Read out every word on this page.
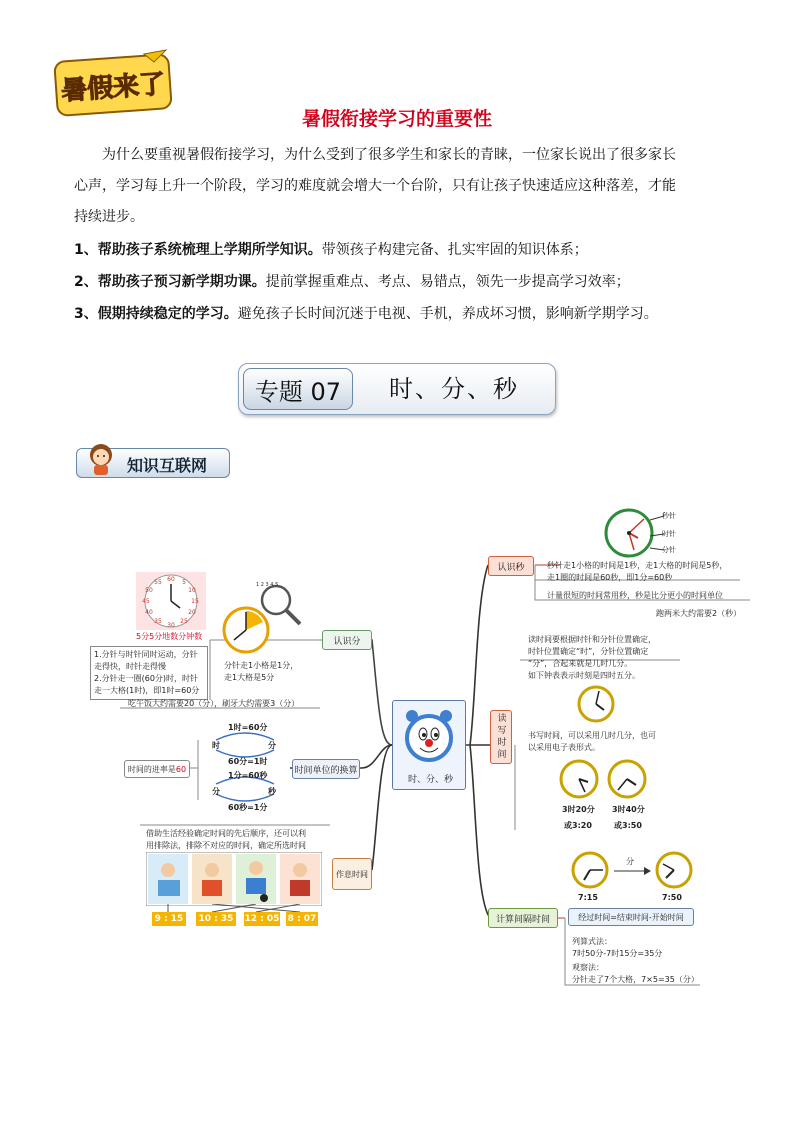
暑假来了
暑假衔接学习的重要性
为什么要重视暑假衔接学习，为什么受到了很多学生和家长的青睐，一位家长说出了很多家长
心声，学习每上升一个阶段，学习的难度就会增大一个台阶，只有让孩子快速适应这种落差，才能
持续进步。
1、帮助孩子系统梳理上学期所学知识。带领孩子构建完备、扎实牢固的知识体系；
2、帮助孩子预习新学期功课。提前掌握重难点、考点、易错点，领先一步提高学习效率；
3、假期持续稳定的学习。避免孩子长时间沉迷于电视、手机，养成坏习惯，影响新学期学习。
专题 07	时、分、秒
知识互联网
时、分、秒
认识分
60 5
10
15
20
25
30
35
40
45
50
55
5分5分地数分钟数
1 2 3 4 5
1.分针与时针同时运动，分针
走得快，时针走得慢
2.分针走一圈(60分)时，时针
走一大格(1时)，即1时=60分
分针走1小格是1分，
走1大格是5分
吃午饭大约需要20（分），刷牙大约需要3（分）
时间单位的换算
时间的进率是 60
1时=60分
时	分
60分=1时
1分=60秒
分	秒
60秒=1分
作息时间
借助生活经验确定时间的先后顺序，还可以利
用排除法，排除不对应的时间，确定所选时间
9 : 15 10 : 35 12 : 05 8 : 07
认识秒
秒针
时针
分针
秒针走1小格的时间是1秒，走1大格的时间是5秒，
走1圈的时间是60秒，即1分=60秒
计量很短的时间常用秒，秒是比分更小的时间单位
跑两米大约需要2（秒）
读写时间
读时间要根据时针和分针位置确定，
时针位置确定“时”，分针位置确定
“分”，合起来就是几时几分。
如下钟表表示时刻是四时五分。
书写时间，可以采用几时几分，也可
以采用电子表形式。
3时20分 3时40分
或3:20	或3:50
计算间隔时间
分
7:15	7:50
经过时间=结束时间-开始时间
列算式法：
7时50分-7时15分=35分
观察法：
分针走了7个大格，7×5=35（分）
